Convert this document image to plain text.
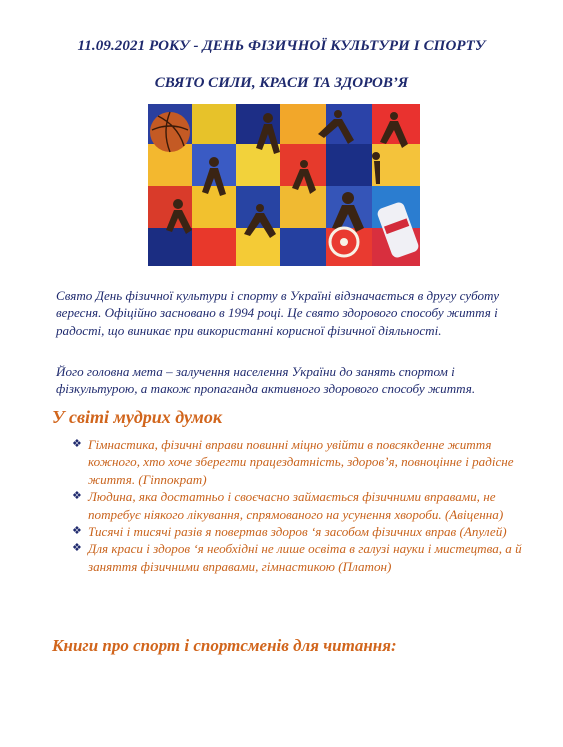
11.09.2021 РОКУ - ДЕНЬ ФІЗИЧНОЇ КУЛЬТУРИ І СПОРТУ
СВЯТО СИЛИ, КРАСИ ТА ЗДОРОВ’Я
Свято День фізичної культури і спорту в Україні відзначається в другу суботу вересня. Офіційно засновано в 1994 році. Це свято здорового способу життя і радості, що виникає при використанні корисної фізичної діяльності.
Його головна мета – залучення населення України до занять спортом і фізкультурою, а також пропаганда активного здорового способу життя.
У світі мудрих думок
❖ Гімнастика, фізичні вправи повинні міцно увійти в повсякденне життя кожного, хто хоче зберегти працездатність, здоров’я, повноцінне і радісне життя. (Гіппократ)
❖ Людина, яка достатньо і своєчасно займається фізичними вправами, не потребує ніякого лікування, спрямованого на усунення хвороби. (Авіценна)
❖ Тисячі і тисячі разів я повертав здоров ‘я засобом фізичних вправ (Апулей)
❖ Для краси і здоров ‘я необхідні не лише освіта в галузі науки і мистецтва, а й заняття фізичними вправами, гімнастикою (Платон)
Книги про спорт і спортсменів для читання:
